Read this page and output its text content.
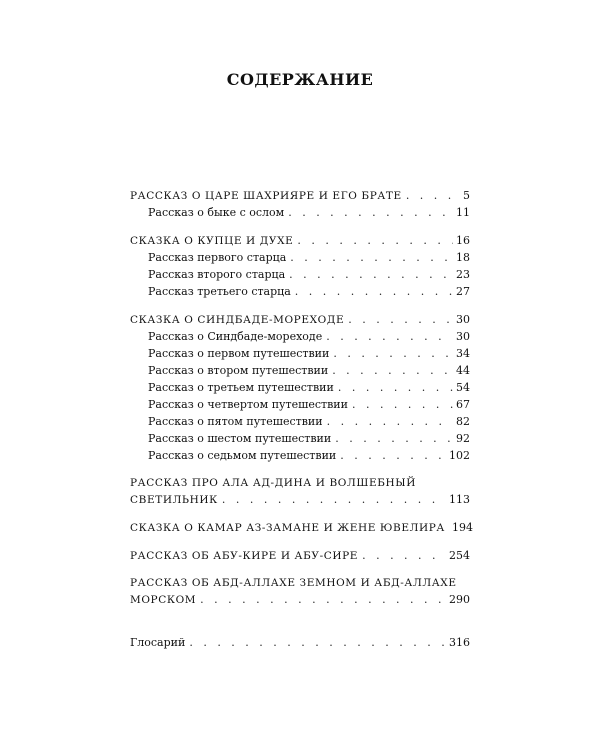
СОДЕРЖАНИЕ
РАССКАЗ О ЦАРЕ ШАХРИЯРЕ И ЕГО БРАТЕ . . .	5
Рассказ о быке с ослом . . .	11
СКАЗКА О КУПЦЕ И ДУХЕ . . .	16
Рассказ первого старца . . .	18
Рассказ второго старца . . .	23
Рассказ третьего старца . . .	27
СКАЗКА О СИНДБАДЕ-МОРЕХОДЕ . . .	30
Рассказ о Синдбаде-мореходе . . .	30
Рассказ о первом путешествии . . .	34
Рассказ о втором путешествии . . .	44
Рассказ о третьем путешествии . . .	54
Рассказ о четвертом путешествии . . .	67
Рассказ о пятом путешествии . . .	82
Рассказ о шестом путешествии . . .	92
Рассказ о седьмом путешествии . . .	102
РАССКАЗ ПРО АЛА АД-ДИНА И ВОЛШЕБНЫЙ
СВЕТИЛЬНИК . . .	113
СКАЗКА О КАМАР АЗ-ЗАМАНЕ И ЖЕНЕ ЮВЕЛИРА 194
РАССКАЗ ОБ АБУ-КИРЕ И АБУ-СИРЕ . . .	254
РАССКАЗ ОБ АБД-АЛЛАХЕ ЗЕМНОМ И АБД-АЛЛАХЕ
МОРСКОМ . . .	290
Глосарий . . .	316
